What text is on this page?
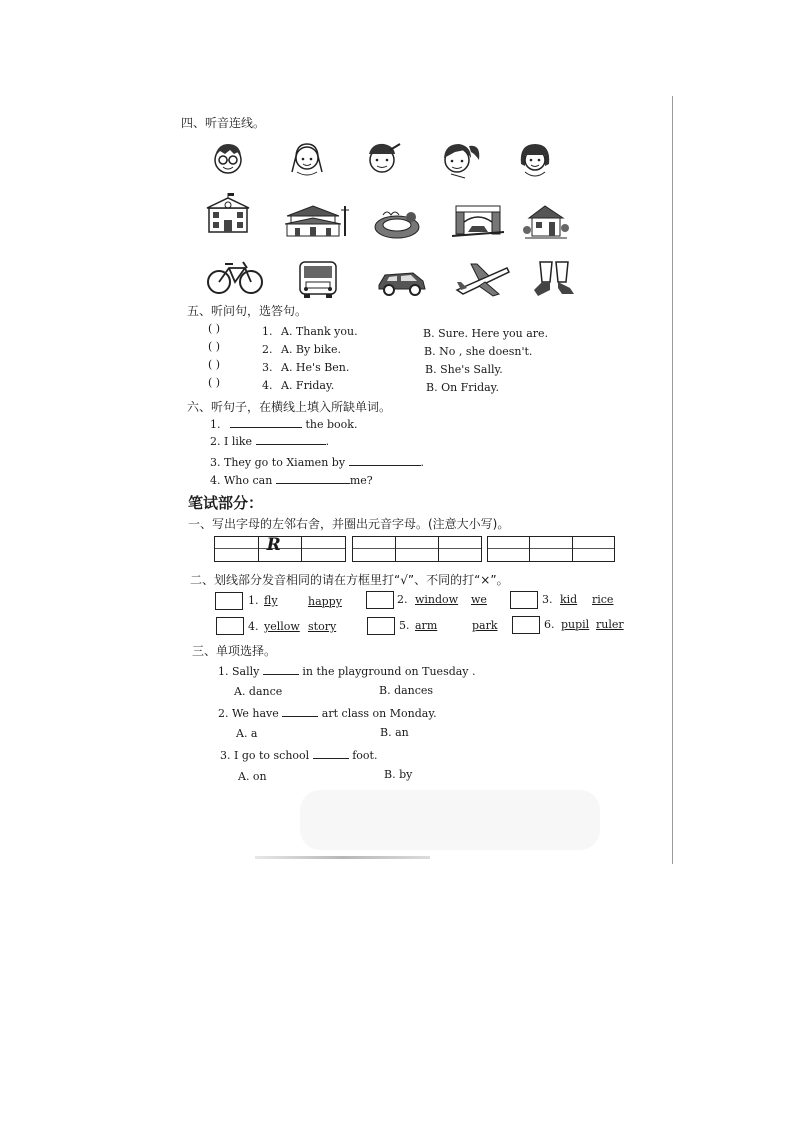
四、听音连线。
五、听问句，选答句。
( )	1. A. Thank you.	B. Sure. Here you are.
( )	2. A. By bike.	B. No , she doesn't.
( )	3. A. He's Ben.	B. She's Sally.
( )	4. A. Friday.	B. On Friday.
六、听句子，在横线上填入所缺单词。
1.	the book.
2. I like	.
3. They go to Xiamen by	.
4. Who can	me?
笔试部分：
一、写出字母的左邻右舍，并圈出元音字母。(注意大小写)。
R
二、划线部分发音相同的请在方框里打“√”、不同的打“×”。
1. fly	happy	2. window we	3. kid rice
4. yellow story	5. arm	park	6. pupil ruler
三、单项选择。
1. Sally	in the playground on Tuesday .
A. dance	B. dances
2. We have	art class on Monday.
A. a	B. an
3. I go to school	foot.
A. on	B. by
